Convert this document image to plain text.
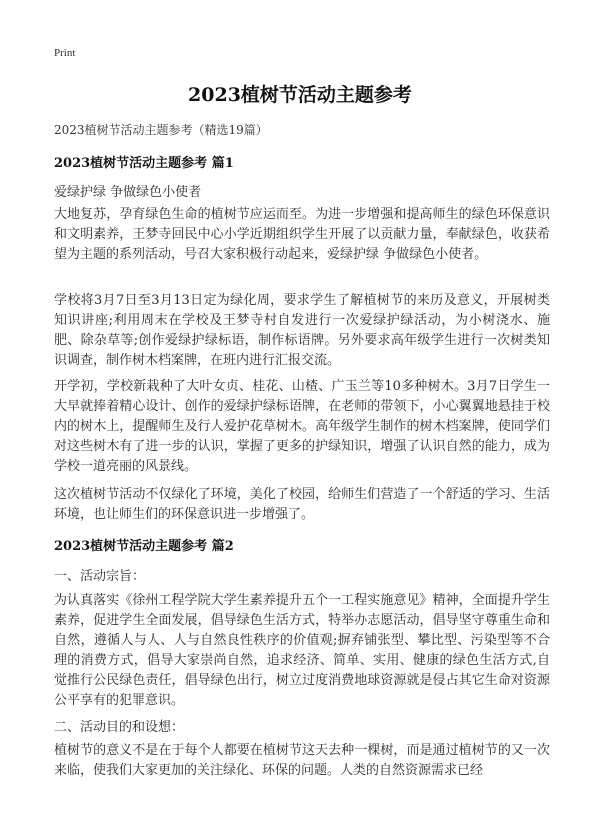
Print
2023植树节活动主题参考
2023植树节活动主题参考（精选19篇）
2023植树节活动主题参考 篇1
爱绿护绿 争做绿色小使者
大地复苏，孕育绿色生命的植树节应运而至。为进一步增强和提高师生的绿色环保意识和文明素养，王梦寺回民中心小学近期组织学生开展了以贡献力量，奉献绿色，收获希望为主题的系列活动，号召大家积极行动起来，爱绿护绿 争做绿色小使者。
学校将3月7日至3月13日定为绿化周，要求学生了解植树节的来历及意义，开展树类知识讲座;利用周末在学校及王梦寺村自发进行一次爱绿护绿活动，为小树浇水、施肥、除杂草等;创作爱绿护绿标语，制作标语牌。另外要求高年级学生进行一次树类知识调查，制作树木档案牌，在班内进行汇报交流。
开学初，学校新栽种了大叶女贞、桂花、山楂、广玉兰等10多种树木。3月7日学生一大早就捧着精心设计、创作的爱绿护绿标语牌，在老师的带领下，小心翼翼地悬挂于校内的树木上，提醒师生及行人爱护花草树木。高年级学生制作的树木档案牌，使同学们对这些树木有了进一步的认识，掌握了更多的护绿知识，增强了认识自然的能力，成为学校一道亮丽的风景线。
这次植树节活动不仅绿化了环境，美化了校园，给师生们营造了一个舒适的学习、生活环境，也让师生们的环保意识进一步增强了。
2023植树节活动主题参考 篇2
一、活动宗旨：
为认真落实《徐州工程学院大学生素养提升五个一工程实施意见》精神，全面提升学生素养，促进学生全面发展，倡导绿色生活方式，特举办志愿活动，倡导坚守尊重生命和自然，遵循人与人、人与自然良性秩序的价值观;摒弃铺张型、攀比型、污染型等不合理的消费方式，倡导大家崇尚自然，追求经济、简单、实用、健康的绿色生活方式,自觉推行公民绿色责任，倡导绿色出行，树立过度消费地球资源就是侵占其它生命对资源公平享有的犯罪意识。
二、活动目的和设想：
植树节的意义不是在于每个人都要在植树节这天去种一棵树，而是通过植树节的又一次来临，使我们大家更加的关注绿化、环保的问题。人类的自然资源需求已经
